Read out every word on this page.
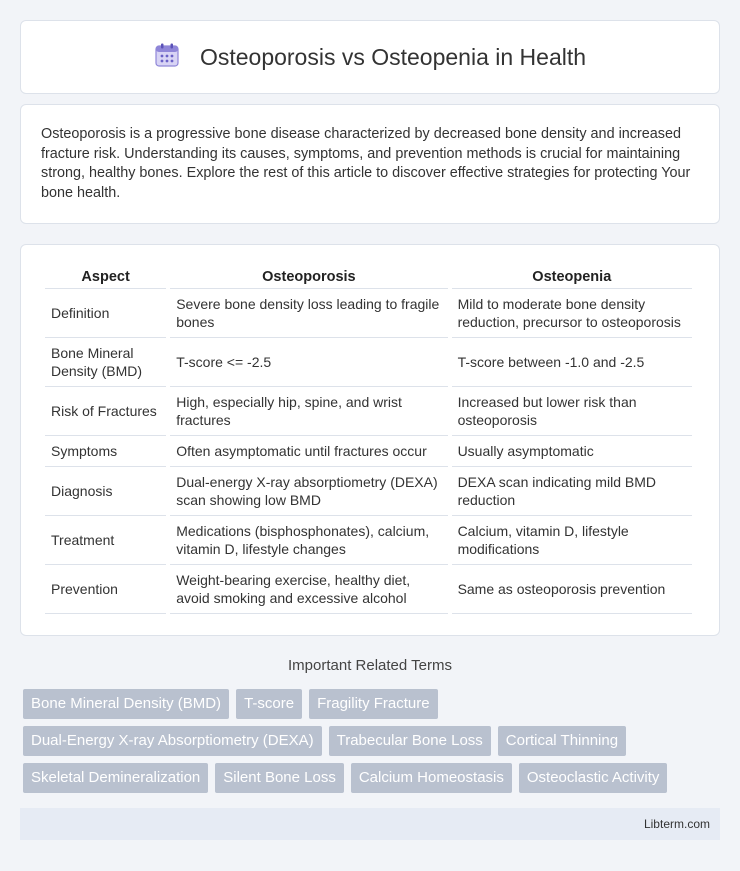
Osteoporosis vs Osteopenia in Health

Osteoporosis is a progressive bone disease characterized by decreased bone density and increased fracture risk. Understanding its causes, symptoms, and prevention methods is crucial for maintaining strong, healthy bones. Explore the rest of this article to discover effective strategies for protecting Your bone health.

Aspect	Osteoporosis	Osteopenia
Definition	Severe bone density loss leading to fragile bones	Mild to moderate bone density reduction, precursor to osteoporosis
Bone Mineral Density (BMD)	T-score <= -2.5	T-score between -1.0 and -2.5
Risk of Fractures	High, especially hip, spine, and wrist fractures	Increased but lower risk than osteoporosis
Symptoms	Often asymptomatic until fractures occur	Usually asymptomatic
Diagnosis	Dual-energy X-ray absorptiometry (DEXA) scan showing low BMD	DEXA scan indicating mild BMD reduction
Treatment	Medications (bisphosphonates), calcium, vitamin D, lifestyle changes	Calcium, vitamin D, lifestyle modifications
Prevention	Weight-bearing exercise, healthy diet, avoid smoking and excessive alcohol	Same as osteoporosis prevention
Important Related Terms
Bone Mineral Density (BMD)	T-score	Fragility Fracture
Dual-Energy X-ray Absorptiometry (DEXA)	Trabecular Bone Loss	Cortical Thinning
Skeletal Demineralization	Silent Bone Loss	Calcium Homeostasis	Osteoclastic Activity
Libterm.com
